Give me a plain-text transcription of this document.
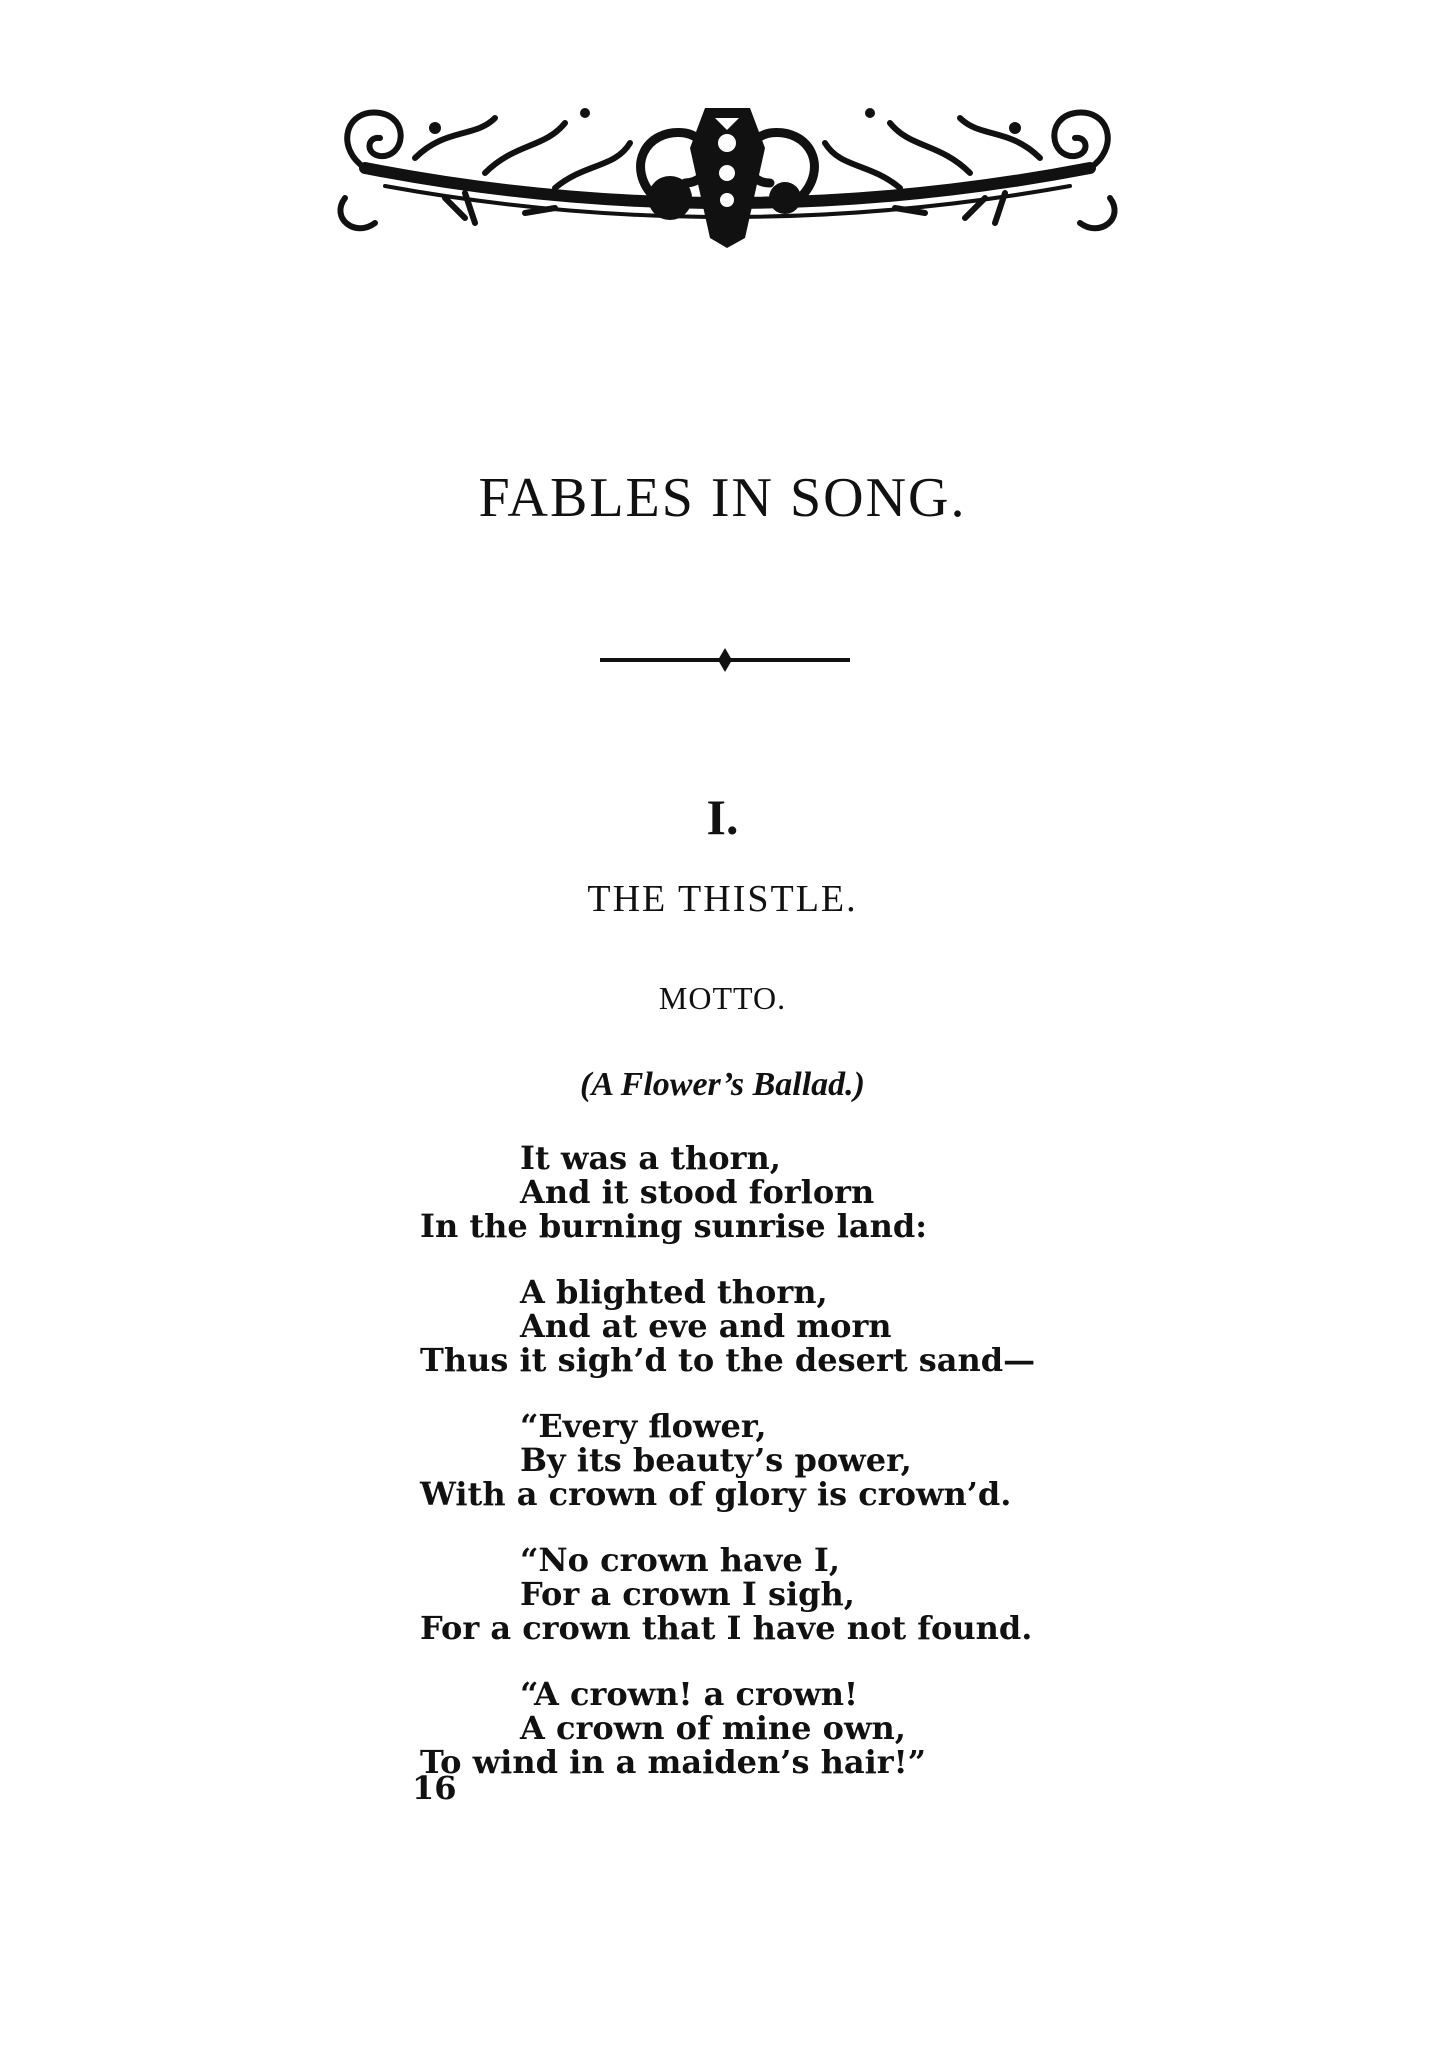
FABLES IN SONG.
I.
THE THISTLE.
MOTTO.
(A Flower’s Ballad.)
It was a thorn,
And it stood forlorn
In the burning sunrise land:
A blighted thorn,
And at eve and morn
Thus it sigh’d to the desert sand—
“Every flower,
By its beauty’s power,
With a crown of glory is crown’d.
“No crown have I,
For a crown I sigh,
For a crown that I have not found.
“A crown! a crown!
A crown of mine own,
To wind in a maiden’s hair!”
16
